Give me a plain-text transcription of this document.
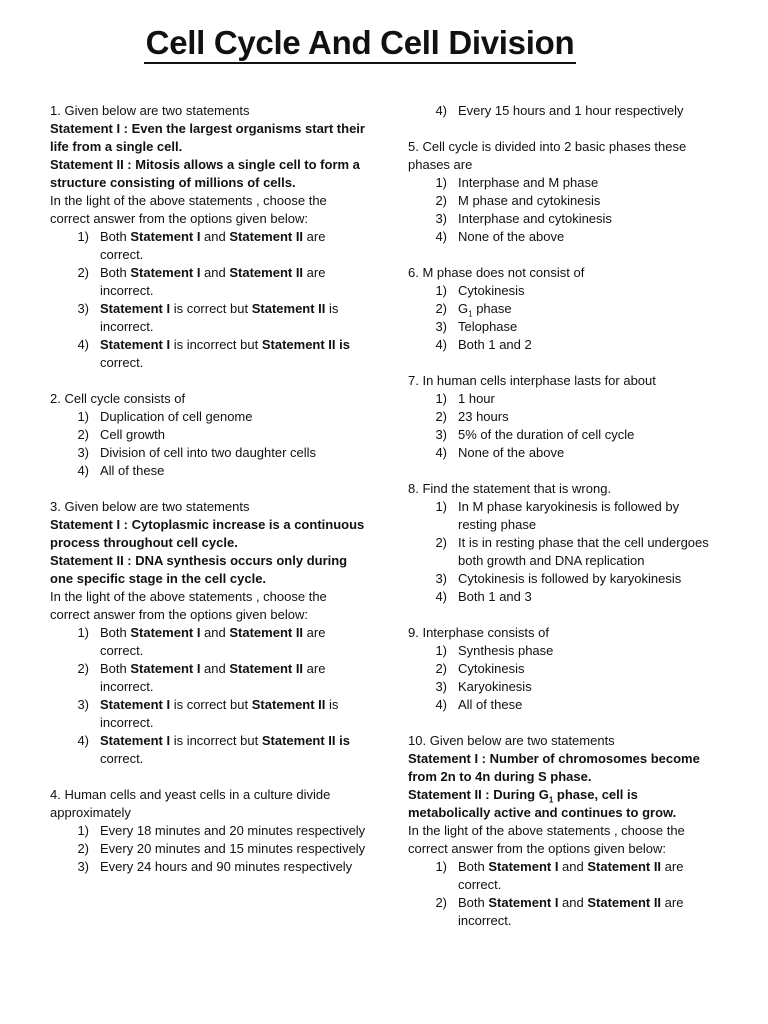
Cell Cycle And Cell Division

1. Given below are two statements

Statement I : Even the largest organisms start their life from a single cell.

Statement II : Mitosis allows a single cell to form a structure consisting of millions of cells.

In the light of the above statements , choose the correct answer from the options given below:

1) Both Statement I and Statement II are correct.
2) Both Statement I and Statement II are incorrect.
3) Statement I is correct but Statement II is incorrect.
4) Statement I is incorrect but Statement II is correct.

2. Cell cycle consists of

1) Duplication of cell genome
2) Cell growth
3) Division of cell into two daughter cells
4) All of these

3. Given below are two statements

Statement I : Cytoplasmic increase is a continuous process throughout cell cycle.

Statement II : DNA synthesis occurs only during one specific stage in the cell cycle.

In the light of the above statements , choose the correct answer from the options given below:

1) Both Statement I and Statement II are correct.
2) Both Statement I and Statement II are incorrect.
3) Statement I is correct but Statement II is incorrect.
4) Statement I is incorrect but Statement II is correct.

4. Human cells and yeast cells in a culture divide approximately

1) Every 18 minutes and 20 minutes respectively
2) Every 20 minutes and 15 minutes respectively
3) Every 24 hours and 90 minutes respectively
4) Every 15 hours and 1 hour respectively

5. Cell cycle is divided into 2 basic phases these phases are

1) Interphase and M phase
2) M phase and cytokinesis
3) Interphase and cytokinesis
4) None of the above

6. M phase does not consist of

1) Cytokinesis
2) $G_1$ phase
3) Telophase
4) Both 1 and 2

7. In human cells interphase lasts for about

1) 1 hour
2) 23 hours
3) 5% of the duration of cell cycle
4) None of the above

8. Find the statement that is wrong.

1) In M phase karyokinesis is followed by resting phase
2) It is in resting phase that the cell undergoes both growth and DNA replication
3) Cytokinesis is followed by karyokinesis
4) Both 1 and 3

9. Interphase consists of

1) Synthesis phase
2) Cytokinesis
3) Karyokinesis
4) All of these

10. Given below are two statements

Statement I : Number of chromosomes become from 2n to 4n during S phase.

Statement II : During $G_1$ phase, cell is metabolically active and continues to grow.

In the light of the above statements , choose the correct answer from the options given below:

1) Both Statement I and Statement II are correct.
2) Both Statement I and Statement II are incorrect.
